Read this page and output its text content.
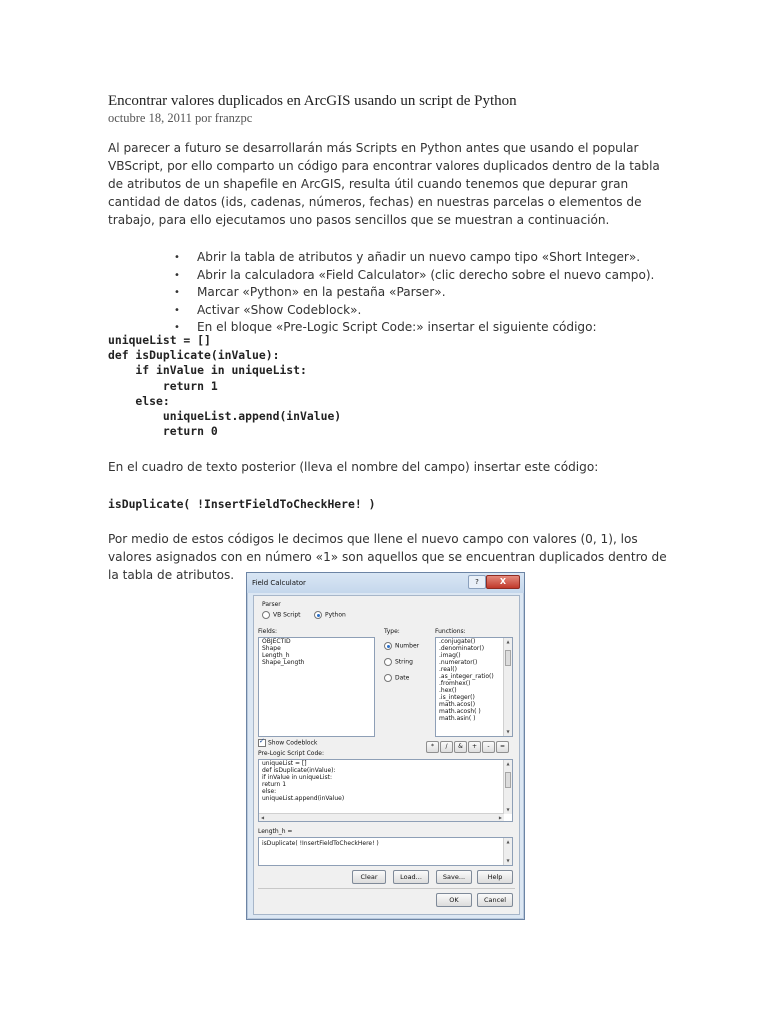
Encontrar valores duplicados en ArcGIS usando un script de Python
octubre 18, 2011 por franzpc
Al parecer a futuro se desarrollarán más Scripts en Python antes que usando el popular VBScript, por ello comparto un código para encontrar valores duplicados dentro de la tabla de atributos de un shapefile en ArcGIS, resulta útil cuando tenemos que depurar gran cantidad de datos (ids, cadenas, números, fechas) en nuestras parcelas o elementos de trabajo, para ello ejecutamos uno pasos sencillos que se muestran a continuación.
• Abrir la tabla de atributos y añadir un nuevo campo tipo «Short Integer».
• Abrir la calculadora «Field Calculator» (clic derecho sobre el nuevo campo).
• Marcar «Python» en la pestaña «Parser».
• Activar «Show Codeblock».
• En el bloque «Pre-Logic Script Code:» insertar el siguiente código:
uniqueList = []
def isDuplicate(inValue):
if inValue in uniqueList:
return 1
else:
uniqueList.append(inValue)
return 0
En el cuadro de texto posterior (lleva el nombre del campo) insertar este código:
isDuplicate( !InsertFieldToCheckHere! )
Por medio de estos códigos le decimos que llene el nuevo campo con valores (0, 1), los valores asignados con en número «1» son aquellos que se encuentran duplicados dentro de la tabla de atributos.
Field Calculator	?	X
Parser
VB Script	Python
Fields:
OBJECTID
Shape
Length_h
Shape_Length
Type:
Number
String
Date
Functions:
.conjugate()
.denominator()
.imag()
.numerator()
.real()
.as_integer_ratio()
.fromhex()
.hex()
.is_integer()
math.acos()
math.acosh( )
math.asin( )
▲
▼
✓Show Codeblock
Pre-Logic Script Code:
*	/	&	+	-	=
uniqueList = []
def isDuplicate(inValue):
if inValue in uniqueList:
return 1
else:
uniqueList.append(inValue)
▲
▼
◀	▶
Length_h =
isDuplicate( !InsertFieldToCheckHere! )	▲
▼
Clear	Load...	Save...	Help
OK	Cancel
